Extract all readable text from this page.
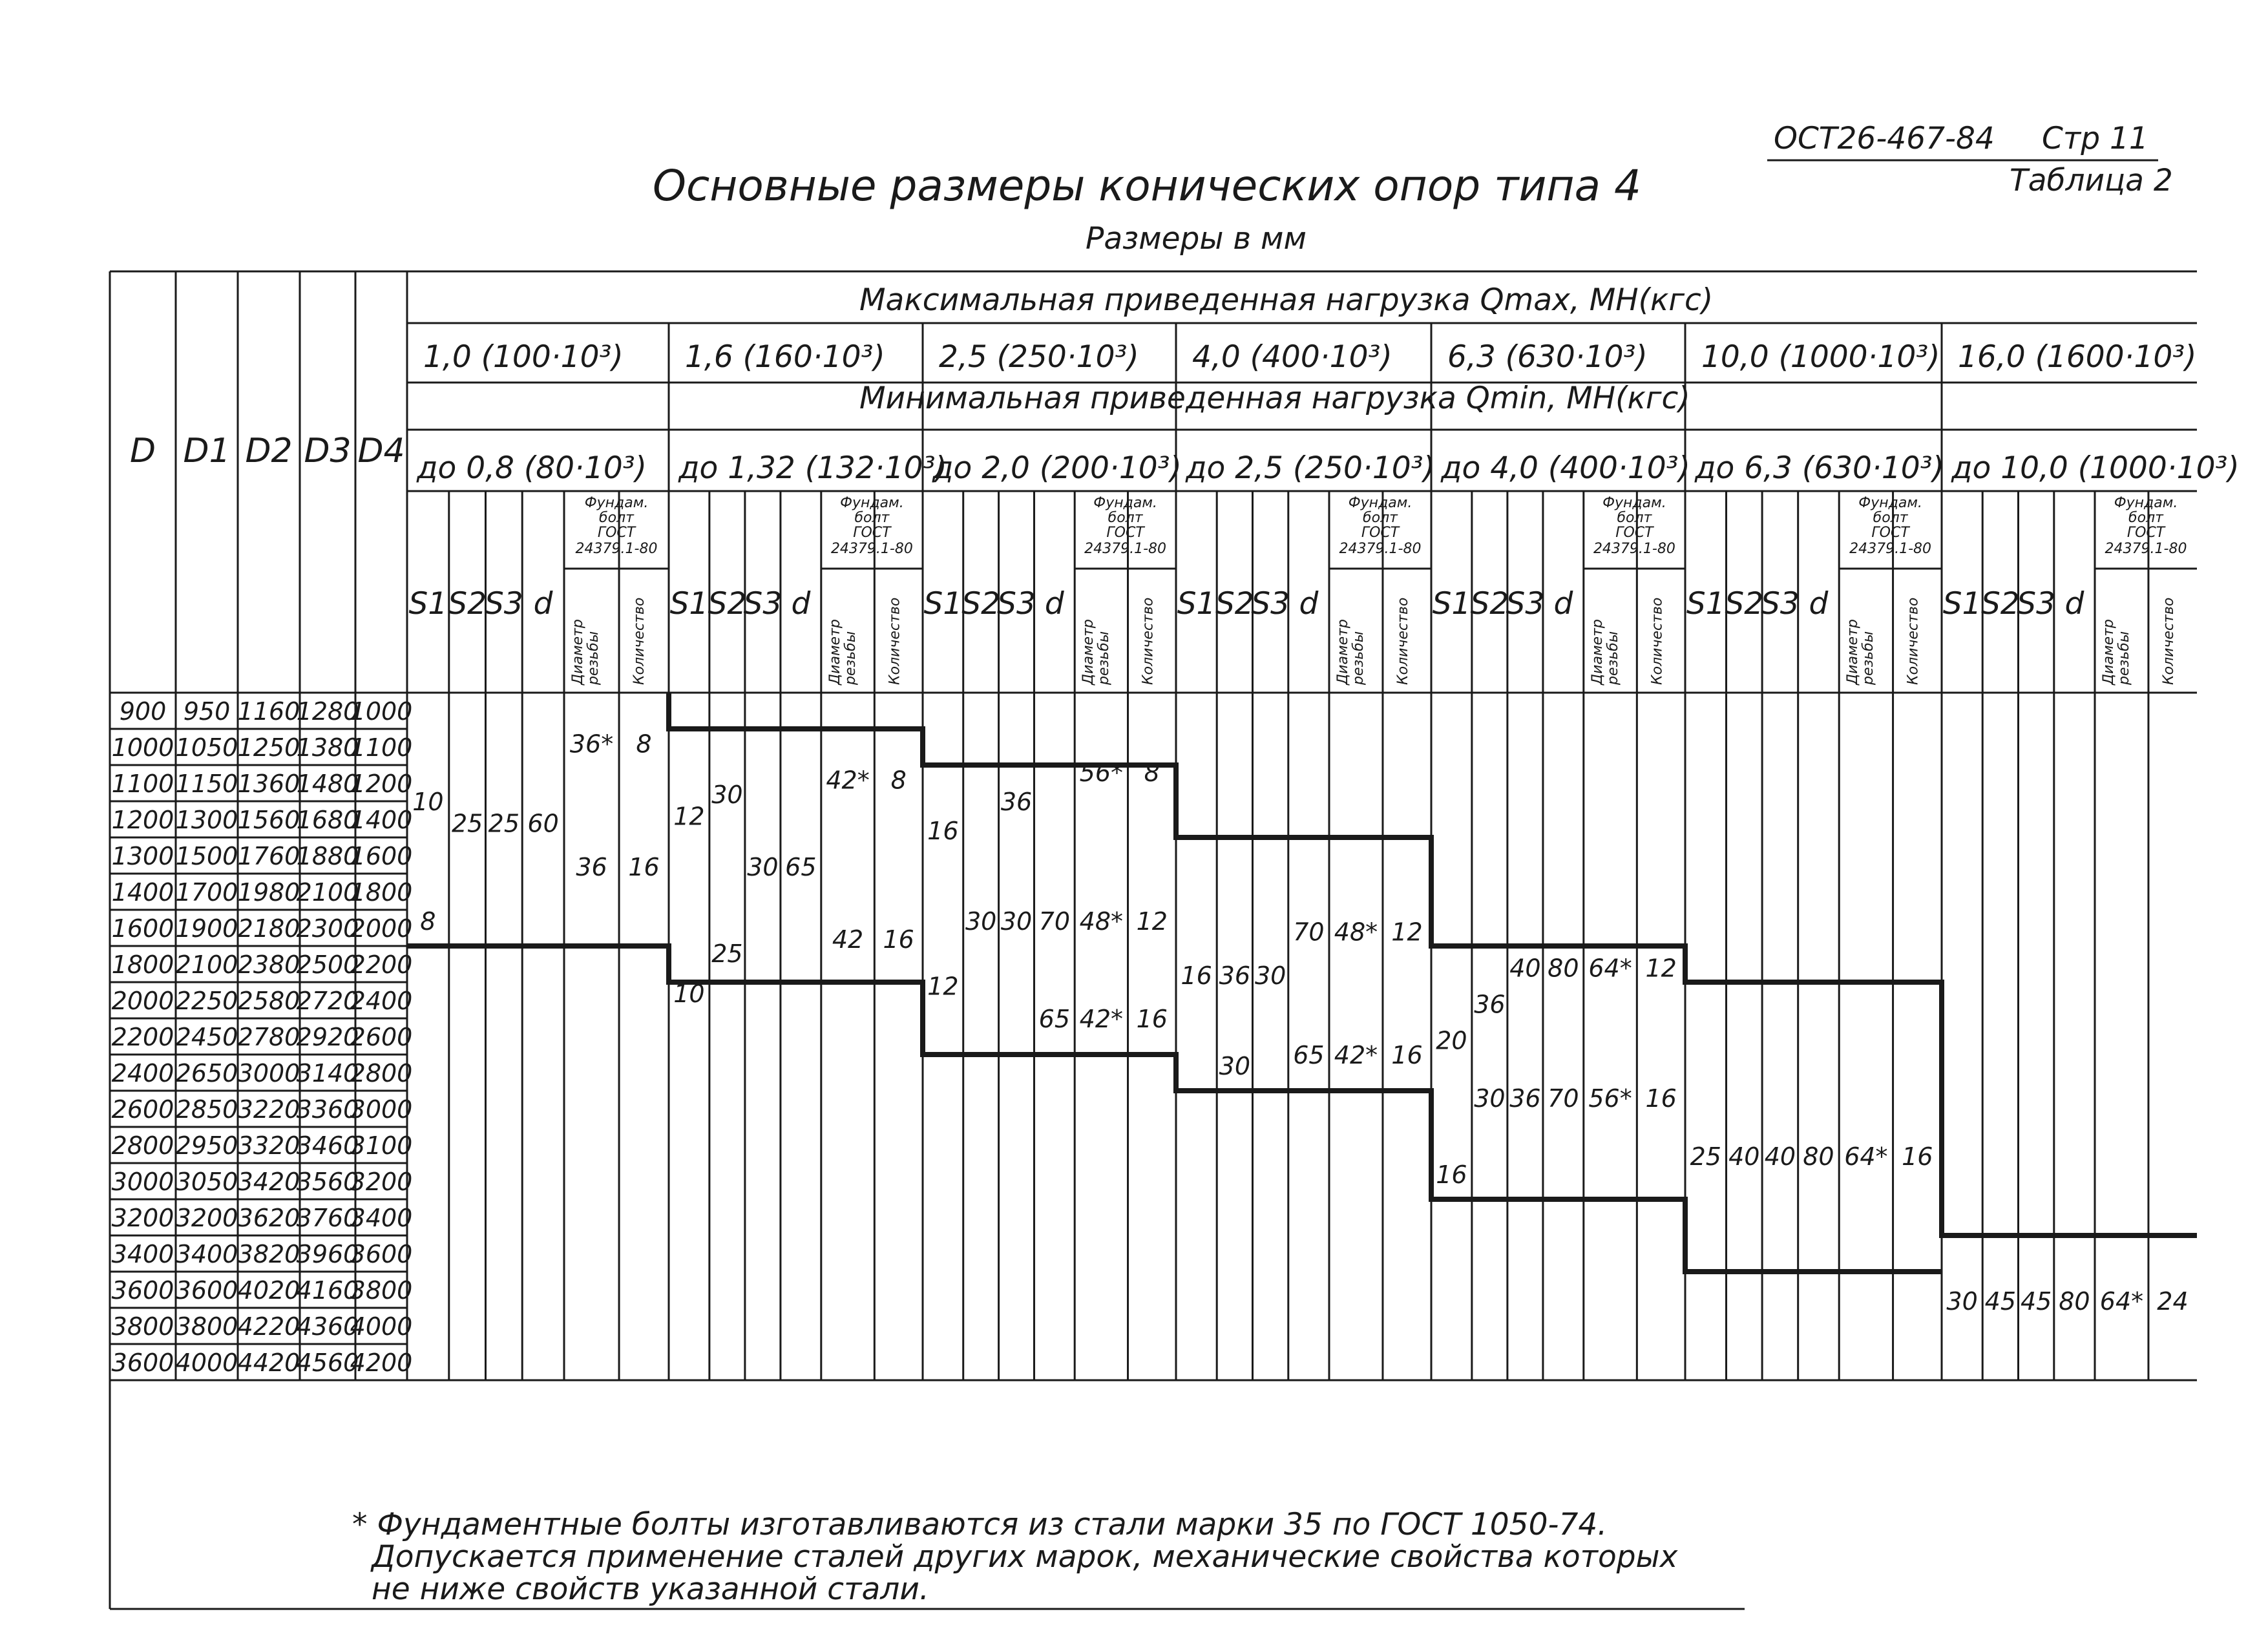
ОСТ26-467-84 Стр 11
Таблица 2
Основные размеры конических опор типа 4
Размеры в мм
1,0 (100·10³)
до 0,8 (80·10³)
S1 S2
S3 d
Фундам.
болт
ГОСТ
24379.1-80
Диаметр резьбы Количество
1,6 (160·10³)
до 1,32 (132·10³)
S1 S2
S3 d
Фундам.
болт
ГОСТ
24379.1-80
Диаметр резьбы Количество
2,5 (250·10³)
до 2,0 (200·10³)
S1 S2
S3 d
Фундам.
болт
ГОСТ
24379.1-80
Диаметр резьбы Количество
4,0 (400·10³)
до 2,5 (250·10³)
S1 S2
S3 d
Фундам.
болт
ГОСТ
24379.1-80
Диаметр резьбы Количество
6,3 (630·10³)
до 4,0 (400·10³)
S1 S2
S3 d
Фундам.
болт
ГОСТ
24379.1-80
Диаметр резьбы Количество
10,0 (1000·10³)
до 6,3 (630·10³)
S1 S2
S3 d
Фундам.
болт
ГОСТ
24379.1-80
Диаметр резьбы Количество
16,0 (1600·10³)
до 10,0 (1000·10³)
S1 S2
S3 d
Фундам.
болт
ГОСТ
24379.1-80
Диаметр резьбы Количество
10
8
25 25 60
36*
36
8
16
12
10
30
25
30 65
42*
42
8
16
16
12
30
36
30 70
65
56*
48*
42*
8
12
16
16 36
30
30
70
65
48*
42*
12
16
20
16
36
30
40
36
80
70
64*
56*
12
16
25 40 40 80 64* 16
30 45 45 80 64* 24
D D1 D2 D3 D4
900 950 1160
1280
1000
1000 1050 1250
1380
1100
1100 1150 1360
1480
1200
1200 1300 1560
1680
1400
1300 1500 1760
1880
1600
1400 1700 1980
2100
1800
1600 1900 2180
2300
2000
1800 2100 2380
2500
2200
2000 2250 2580
2720
2400
2200 2450 2780
2920
2600
2400 2650 3000
3140
2800
2600 2850 3220
3360
3000
2800 2950 3320
3460
3100
3000 3050 3420
3560
3200
3200 3200 3620
3760
3400
3400 3400 3820
3960
3600
3600 3600 4020
4160
3800
3800 3800 4220
4360
4000
3600 4000 4420
4560
4200
Максимальная приведенная нагрузка Qmax, МН(кгс)
Минимальная приведенная нагрузка Qmin, МН(кгс)
* Фундаментные болты изготавливаются из стали марки 35 по ГОСТ 1050-74.
Допускается применение сталей других марок, механические свойства которых
не ниже свойств указанной стали.
